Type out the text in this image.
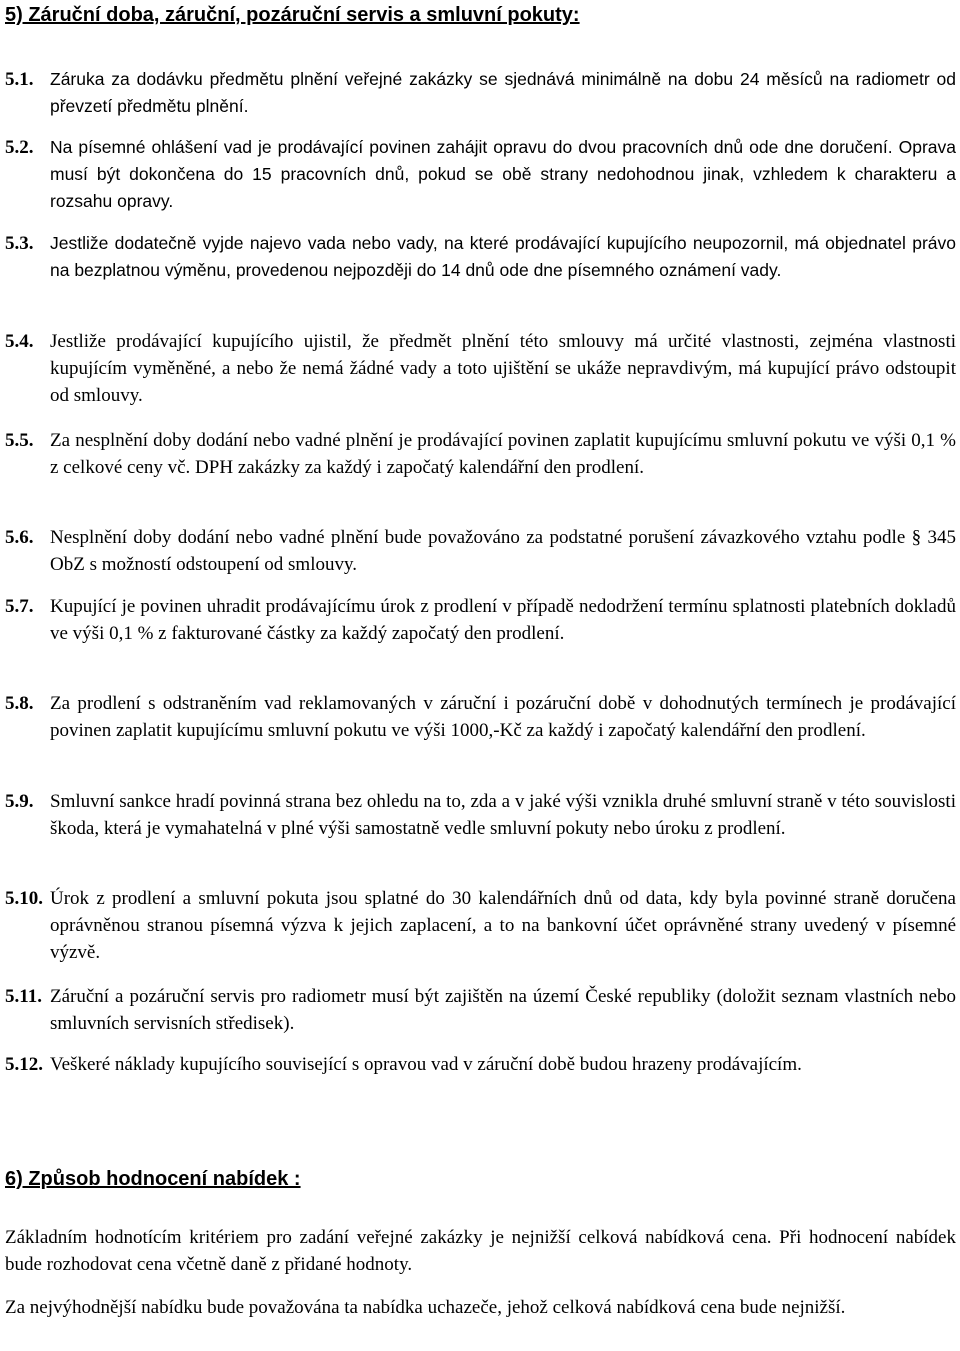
5) Záruční doba, záruční, pozáruční servis a smluvní pokuty:
5.1. Záruka za dodávku předmětu plnění veřejné zakázky se sjednává minimálně na dobu 24 měsíců na radiometr od převzetí předmětu plnění.

5.2. Na písemné ohlášení vad je prodávající povinen zahájit opravu do dvou pracovních dnů ode dne doručení. Oprava musí být dokončena do 15 pracovních dnů, pokud se obě strany nedohodnou jinak, vzhledem k charakteru a rozsahu opravy.

5.3. Jestliže dodatečně vyjde najevo vada nebo vady, na které prodávající kupujícího neupozornil, má objednatel právo na bezplatnou výměnu, provedenou nejpozději do 14 dnů ode dne písemného oznámení vady.

5.4. Jestliže prodávající kupujícího ujistil, že předmět plnění této smlouvy má určité vlastnosti, zejména vlastnosti kupujícím vyměněné, a nebo že nemá žádné vady a toto ujištění se ukáže nepravdivým, má kupující právo odstoupit od smlouvy.

5.5. Za nesplnění doby dodání nebo vadné plnění je prodávající povinen zaplatit kupujícímu smluvní pokutu ve výši 0,1 % z celkové ceny vč. DPH zakázky za každý i započatý kalendářní den prodlení.

5.6. Nesplnění doby dodání nebo vadné plnění bude považováno za podstatné porušení závazkového vztahu podle § 345 ObZ s možností odstoupení od smlouvy.

5.7. Kupující je povinen uhradit prodávajícímu úrok z prodlení v případě nedodržení termínu splatnosti platebních dokladů ve výši 0,1 % z fakturované částky za každý započatý den prodlení.

5.8. Za prodlení s odstraněním vad reklamovaných v záruční i pozáruční době v dohodnutých termínech je prodávající povinen zaplatit kupujícímu smluvní pokutu ve výši 1000,-Kč za každý i započatý kalendářní den prodlení.

5.9. Smluvní sankce hradí povinná strana bez ohledu na to, zda a v jaké výši vznikla druhé smluvní straně v této souvislosti škoda, která je vymahatelná v plné výši samostatně vedle smluvní pokuty nebo úroku z prodlení.

5.10. Úrok z prodlení a smluvní pokuta jsou splatné do 30 kalendářních dnů od data, kdy byla povinné straně doručena oprávněnou stranou písemná výzva k jejich zaplacení, a to na bankovní účet oprávněné strany uvedený v písemné výzvě.

5.11. Záruční a pozáruční servis pro radiometr musí být zajištěn na území České republiky (doložit seznam vlastních nebo smluvních servisních středisek).

5.12. Veškeré náklady kupujícího související s opravou vad v záruční době budou hrazeny prodávajícím.

6) Způsob hodnocení nabídek :

Základním hodnotícím kritériem pro zadání veřejné zakázky je nejnižší celková nabídková cena. Při hodnocení nabídek bude rozhodovat cena včetně daně z přidané hodnoty.

Za nejvýhodnější nabídku bude považována ta nabídka uchazeče, jehož celková nabídková cena bude nejnižší.
